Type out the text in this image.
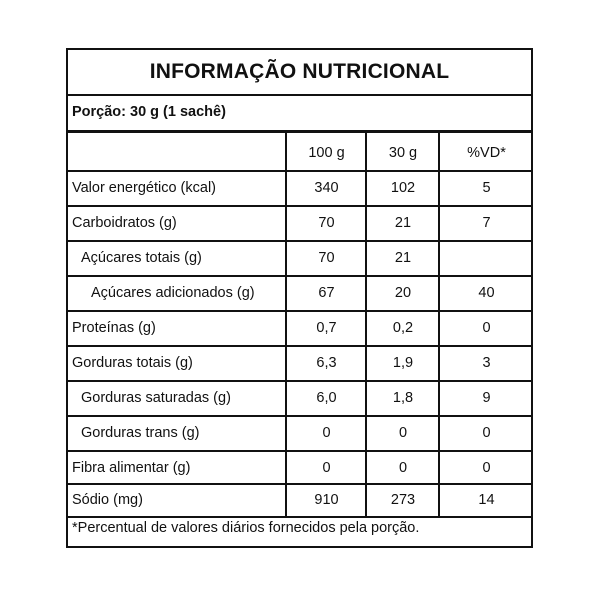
INFORMAÇÃO NUTRICIONAL
Porção: 30 g (1 sachê)
100 g	30 g	%VD*
Valor energético (kcal)	340	102	5
Carboidratos (g)	70	21	7
Açúcares totais (g)	70	21
Açúcares adicionados (g)	67	20	40
Proteínas (g)	0,7	0,2	0
Gorduras totais (g)	6,3	1,9	3
Gorduras saturadas (g)	6,0	1,8	9
Gorduras trans (g)	0	0	0
Fibra alimentar (g)	0	0	0
Sódio (mg)	910	273	14
*Percentual de valores diários fornecidos pela porção.
